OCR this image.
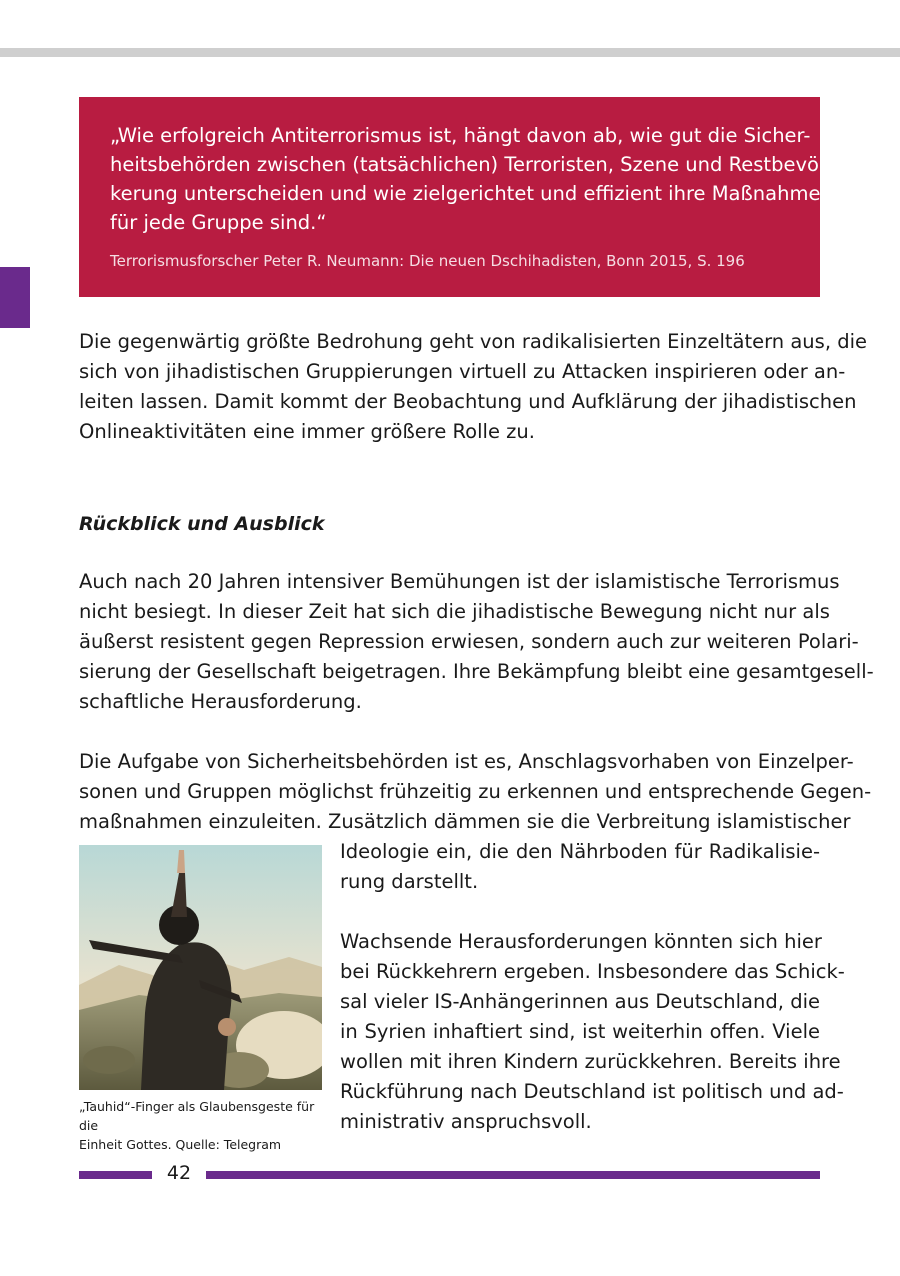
„Wie erfolgreich Antiterrorismus ist, hängt davon ab, wie gut die Sicher-
heitsbehörden zwischen (tatsächlichen) Terroristen, Szene und Restbevöl-
kerung unterscheiden und wie zielgerichtet und effizient ihre Maßnahmen
für jede Gruppe sind.“

Terrorismusforscher Peter R. Neumann: Die neuen Dschihadisten, Bonn 2015, S. 196

Die gegenwärtig größte Bedrohung geht von radikalisierten Einzeltätern aus, die
sich von jihadistischen Gruppierungen virtuell zu Attacken inspirieren oder an-
leiten lassen. Damit kommt der Beobachtung und Aufklärung der jihadistischen
Onlineaktivitäten eine immer größere Rolle zu.

Rückblick und Ausblick

Auch nach 20 Jahren intensiver Bemühungen ist der islamistische Terrorismus
nicht besiegt. In dieser Zeit hat sich die jihadistische Bewegung nicht nur als
äußerst resistent gegen Repression erwiesen, sondern auch zur weiteren Polari-
sierung der Gesellschaft beigetragen. Ihre Bekämpfung bleibt eine gesamtgesell-
schaftliche Herausforderung.

Die Aufgabe von Sicherheitsbehörden ist es, Anschlagsvorhaben von Einzelper-
sonen und Gruppen möglichst frühzeitig zu erkennen und entsprechende Gegen-
maßnahmen einzuleiten. Zusätzlich dämmen sie die Verbreitung islamistischer

Ideologie ein, die den Nährboden für Radikalisie-
rung darstellt.

Wachsende Herausforderungen könnten sich hier
bei Rückkehrern ergeben. Insbesondere das Schick-
sal vieler IS-Anhängerinnen aus Deutschland, die
in Syrien inhaftiert sind, ist weiterhin offen. Viele
wollen mit ihren Kindern zurückkehren. Bereits ihre
Rückführung nach Deutschland ist politisch und ad-
ministrativ anspruchsvoll.

„Tauhid“-Finger als Glaubensgeste für die
Einheit Gottes. Quelle: Telegram

42
